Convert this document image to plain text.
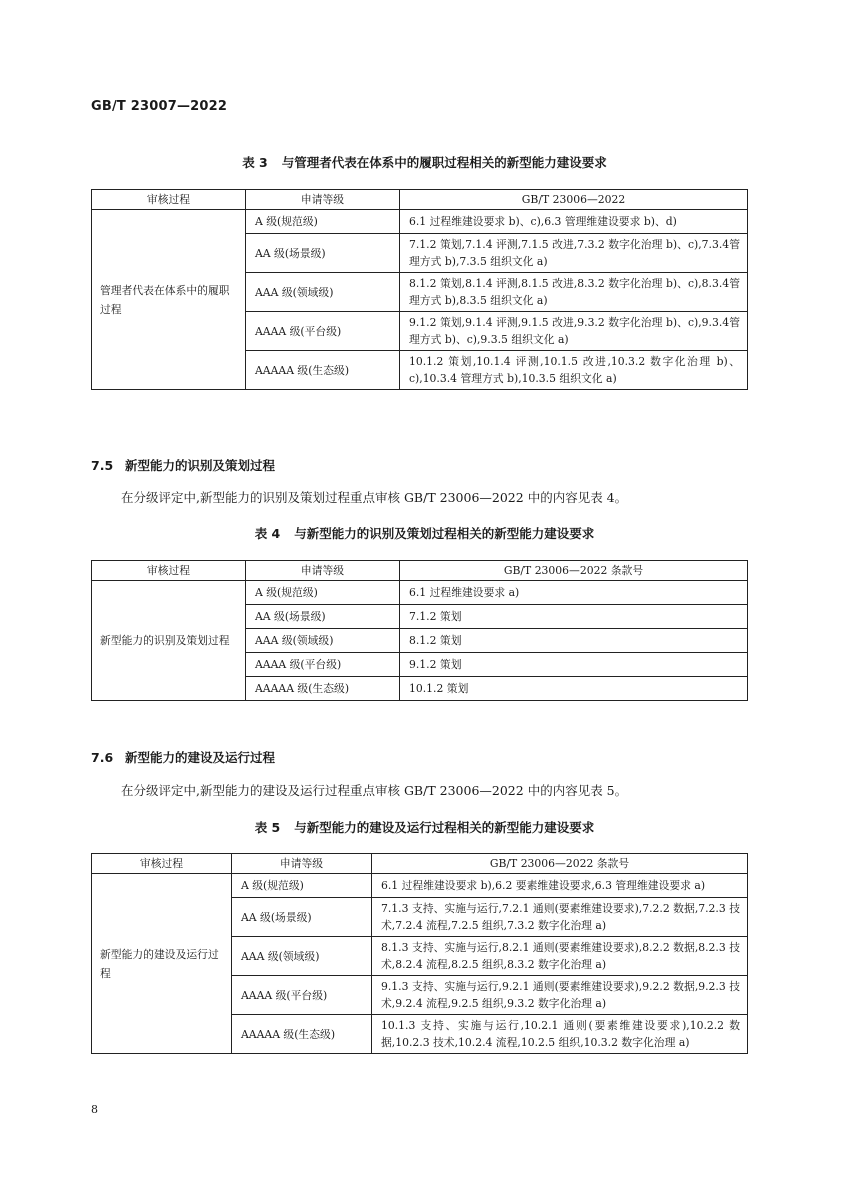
GB/T 23007—2022
表 3 与管理者代表在体系中的履职过程相关的新型能力建设要求
审核过程	申请等级	GB/T 23006—2022
管理者代表在体系中的履职过程	A 级(规范级)	6.1 过程维建设要求 b)、c),6.3 管理维建设要求 b)、d)
	AA 级(场景级)	7.1.2 策划,7.1.4 评测,7.1.5 改进,7.3.2 数字化治理 b)、c),7.3.4管理方式 b),7.3.5 组织文化 a)
	AAA 级(领域级)	8.1.2 策划,8.1.4 评测,8.1.5 改进,8.3.2 数字化治理 b)、c),8.3.4管理方式 b),8.3.5 组织文化 a)
	AAAA 级(平台级)	9.1.2 策划,9.1.4 评测,9.1.5 改进,9.3.2 数字化治理 b)、c),9.3.4管理方式 b)、c),9.3.5 组织文化 a)
	AAAAA 级(生态级)	10.1.2 策划,10.1.4 评测,10.1.5 改进,10.3.2 数字化治理 b)、c),10.3.4 管理方式 b),10.3.5 组织文化 a)
7.5 新型能力的识别及策划过程
在分级评定中,新型能力的识别及策划过程重点审核 GB/T 23006—2022 中的内容见表 4。
表 4 与新型能力的识别及策划过程相关的新型能力建设要求
审核过程	申请等级	GB/T 23006—2022 条款号
新型能力的识别及策划过程	A 级(规范级)	6.1 过程维建设要求 a)
	AA 级(场景级)	7.1.2 策划
	AAA 级(领域级)	8.1.2 策划
	AAAA 级(平台级)	9.1.2 策划
	AAAAA 级(生态级)	10.1.2 策划
7.6 新型能力的建设及运行过程
在分级评定中,新型能力的建设及运行过程重点审核 GB/T 23006—2022 中的内容见表 5。
表 5 与新型能力的建设及运行过程相关的新型能力建设要求
审核过程	申请等级	GB/T 23006—2022 条款号
新型能力的建设及运行过程	A 级(规范级)	6.1 过程维建设要求 b),6.2 要素维建设要求,6.3 管理维建设要求 a)
	AA 级(场景级)	7.1.3 支持、实施与运行,7.2.1 通则(要素维建设要求),7.2.2 数据,7.2.3 技术,7.2.4 流程,7.2.5 组织,7.3.2 数字化治理 a)
	AAA 级(领域级)	8.1.3 支持、实施与运行,8.2.1 通则(要素维建设要求),8.2.2 数据,8.2.3 技术,8.2.4 流程,8.2.5 组织,8.3.2 数字化治理 a)
	AAAA 级(平台级)	9.1.3 支持、实施与运行,9.2.1 通则(要素维建设要求),9.2.2 数据,9.2.3 技术,9.2.4 流程,9.2.5 组织,9.3.2 数字化治理 a)
	AAAAA 级(生态级)	10.1.3 支持、实施与运行,10.2.1 通则(要素维建设要求),10.2.2 数据,10.2.3 技术,10.2.4 流程,10.2.5 组织,10.3.2 数字化治理 a)
8
